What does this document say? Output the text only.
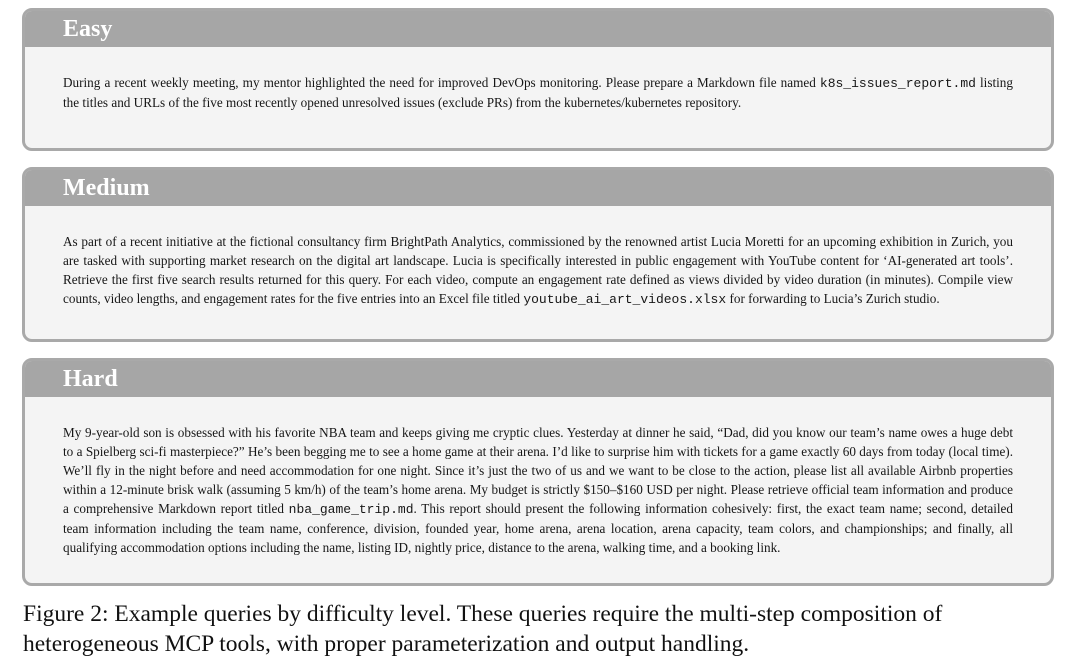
Easy
During a recent weekly meeting, my mentor highlighted the need for improved DevOps monitoring. Please prepare a Markdown file named k8s_issues_report.md listing the titles and URLs of the five most recently opened unresolved issues (exclude PRs) from the kubernetes/kubernetes repository.
Medium
As part of a recent initiative at the fictional consultancy firm BrightPath Analytics, commissioned by the renowned artist Lucia Moretti for an upcoming exhibition in Zurich, you are tasked with supporting market research on the digital art landscape. Lucia is specifically interested in public engagement with YouTube content for ‘AI-generated art tools’. Retrieve the first five search results returned for this query. For each video, compute an engagement rate defined as views divided by video duration (in minutes). Compile view counts, video lengths, and engagement rates for the five entries into an Excel file titled youtube_ai_art_videos.xlsx for forwarding to Lucia’s Zurich studio.
Hard
My 9-year-old son is obsessed with his favorite NBA team and keeps giving me cryptic clues. Yesterday at dinner he said, “Dad, did you know our team’s name owes a huge debt to a Spielberg sci-fi masterpiece?” He’s been begging me to see a home game at their arena. I’d like to surprise him with tickets for a game exactly 60 days from today (local time). We’ll fly in the night before and need accommodation for one night. Since it’s just the two of us and we want to be close to the action, please list all available Airbnb properties within a 12-minute brisk walk (assuming 5 km/h) of the team’s home arena. My budget is strictly $150–$160 USD per night. Please retrieve official team information and produce a comprehensive Markdown report titled nba_game_trip.md. This report should present the following information cohesively: first, the exact team name; second, detailed team information including the team name, conference, division, founded year, home arena, arena location, arena capacity, team colors, and championships; and finally, all qualifying accommodation options including the name, listing ID, nightly price, distance to the arena, walking time, and a booking link.
Figure 2: Example queries by difficulty level. These queries require the multi-step composition of heterogeneous MCP tools, with proper parameterization and output handling.
